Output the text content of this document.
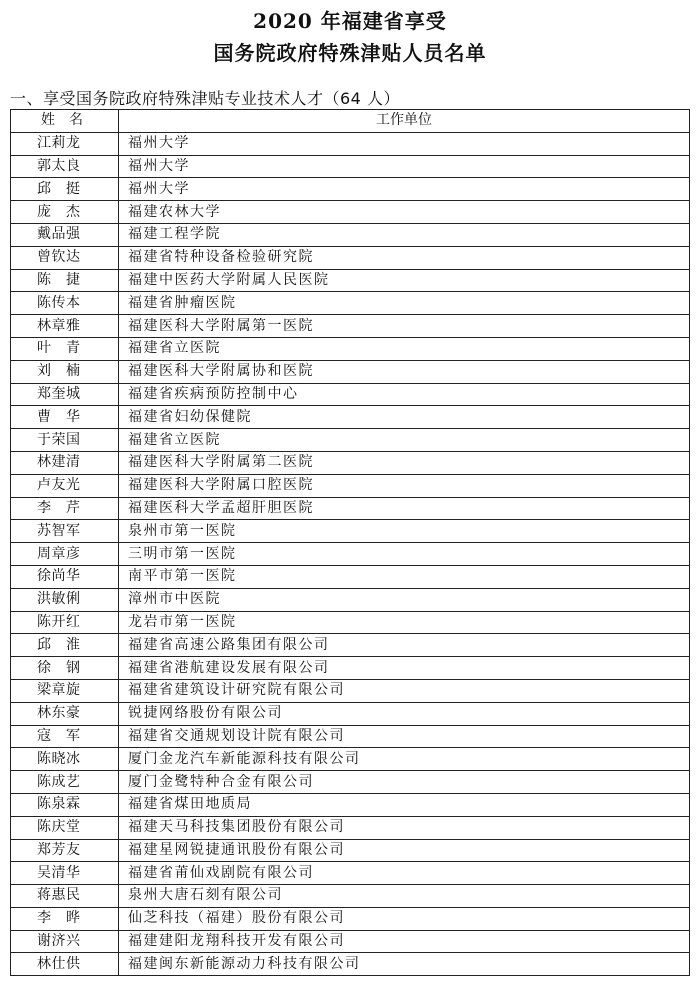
2020 年福建省享受
国务院政府特殊津贴人员名单
一、享受国务院政府特殊津贴专业技术人才（64 人）
姓名	工作单位
江莉龙	福州大学
郭太良	福州大学
邱　挺	福州大学
庞　杰	福建农林大学
戴品强	福建工程学院
曾钦达	福建省特种设备检验研究院
陈　捷	福建中医药大学附属人民医院
陈传本	福建省肿瘤医院
林章雅	福建医科大学附属第一医院
叶　青	福建省立医院
刘　楠	福建医科大学附属协和医院
郑奎城	福建省疾病预防控制中心
曹　华	福建省妇幼保健院
于荣国	福建省立医院
林建清	福建医科大学附属第二医院
卢友光	福建医科大学附属口腔医院
李　芹	福建医科大学孟超肝胆医院
苏智军	泉州市第一医院
周章彦	三明市第一医院
徐尚华	南平市第一医院
洪敏俐	漳州市中医院
陈开红	龙岩市第一医院
邱　淮	福建省高速公路集团有限公司
徐　钢	福建省港航建设发展有限公司
梁章旋	福建省建筑设计研究院有限公司
林东豪	锐捷网络股份有限公司
寇　军	福建省交通规划设计院有限公司
陈晓冰	厦门金龙汽车新能源科技有限公司
陈成艺	厦门金鹭特种合金有限公司
陈泉霖	福建省煤田地质局
陈庆堂	福建天马科技集团股份有限公司
郑芳友	福建星网锐捷通讯股份有限公司
吴清华	福建省莆仙戏剧院有限公司
蒋惠民	泉州大唐石刻有限公司
李　晔	仙芝科技（福建）股份有限公司
谢济兴	福建建阳龙翔科技开发有限公司
林仕供	福建闽东新能源动力科技有限公司
